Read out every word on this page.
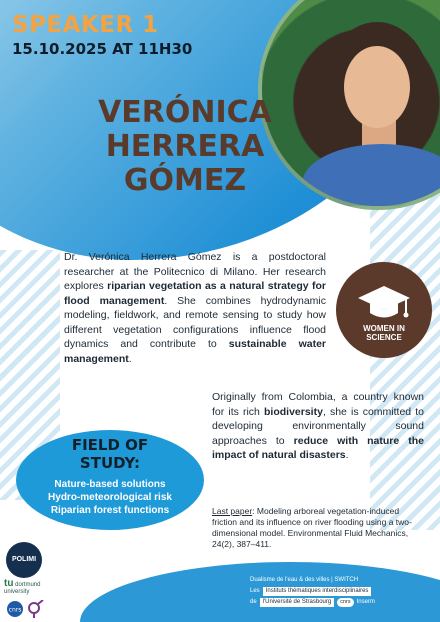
SPEAKER 1
15.10.2025 AT 11H30
VERÓNICA
HERRERA GÓMEZ
Dr. Verónica Herrera Gómez is a postdoctoral researcher at the Politecnico di Milano. Her research explores riparian vegetation as a natural strategy for flood management. She combines hydrodynamic modeling, fieldwork, and remote sensing to study how different vegetation configurations influence flood dynamics and contribute to sustainable water management.
WOMEN IN
SCIENCE
Originally from Colombia, a country known for its rich biodiversity, she is committed to developing environmentally sound approaches to reduce with nature the impact of natural disasters.
FIELD OF
STUDY:
Nature-based solutions
Hydro-meteorological risk
Riparian forest functions	Last paper: Modeling arboreal vegetation-induced friction and its influence on river flooding using a two-dimensional model. Environmental Fluid Mechanics, 24(2), 387–411.
Dualisme de l'eau & des villes | SWITCH
Les	Instituts thématiques interdisciplinaires
de	l'Université de Strasbourg	cnrs	Inserm
POLIMI
tu dortmund
university
cnrs
